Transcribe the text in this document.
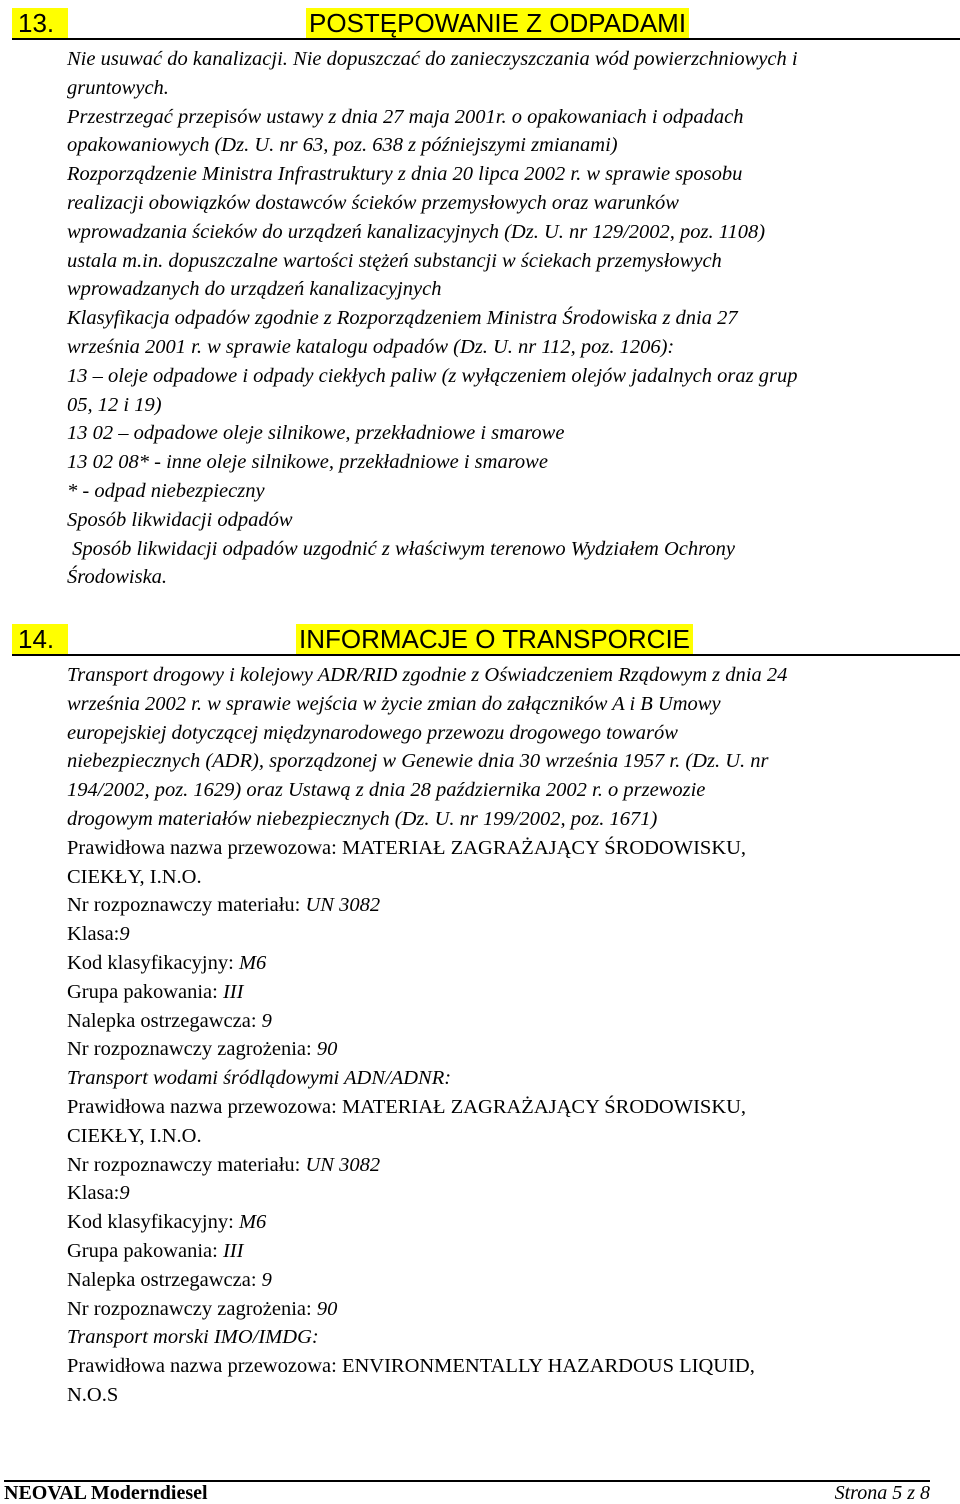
13.	POSTĘPOWANIE Z ODPADAMI

Nie usuwać do kanalizacji. Nie dopuszczać do zanieczyszczania wód powierzchniowych i

gruntowych.

Przestrzegać przepisów ustawy z dnia 27 maja 2001r. o opakowaniach i odpadach

opakowaniowych (Dz. U. nr 63, poz. 638 z późniejszymi zmianami)

Rozporządzenie Ministra Infrastruktury z dnia 20 lipca 2002 r. w sprawie sposobu

realizacji obowiązków dostawców ścieków przemysłowych oraz warunków

wprowadzania ścieków do urządzeń kanalizacyjnych (Dz. U. nr 129/2002, poz. 1108)

ustala m.in. dopuszczalne wartości stężeń substancji w ściekach przemysłowych

wprowadzanych do urządzeń kanalizacyjnych

Klasyfikacja odpadów zgodnie z Rozporządzeniem Ministra Środowiska z dnia 27

września 2001 r. w sprawie katalogu odpadów (Dz. U. nr 112, poz. 1206):

13 – oleje odpadowe i odpady ciekłych paliw (z wyłączeniem olejów jadalnych oraz grup

05, 12 i 19)

13 02 – odpadowe oleje silnikowe, przekładniowe i smarowe

13 02 08* - inne oleje silnikowe, przekładniowe i smarowe

* - odpad niebezpieczny

Sposób likwidacji odpadów

Sposób likwidacji odpadów uzgodnić z właściwym terenowo Wydziałem Ochrony

Środowiska.

14.	INFORMACJE O TRANSPORCIE

Transport drogowy i kolejowy ADR/RID zgodnie z Oświadczeniem Rządowym z dnia 24

września 2002 r. w sprawie wejścia w życie zmian do załączników A i B Umowy

europejskiej dotyczącej międzynarodowego przewozu drogowego towarów

niebezpiecznych (ADR), sporządzonej w Genewie dnia 30 września 1957 r. (Dz. U. nr

194/2002, poz. 1629) oraz Ustawą z dnia 28 października 2002 r. o przewozie

drogowym materiałów niebezpiecznych (Dz. U. nr 199/2002, poz. 1671)

Prawidłowa nazwa przewozowa: MATERIAŁ ZAGRAŻAJĄCY ŚRODOWISKU,

CIEKŁY, I.N.O.

Nr rozpoznawczy materiału: UN 3082

Klasa:9

Kod klasyfikacyjny: M6

Grupa pakowania: III

Nalepka ostrzegawcza: 9

Nr rozpoznawczy zagrożenia: 90

Transport wodami śródlądowymi ADN/ADNR:

Prawidłowa nazwa przewozowa: MATERIAŁ ZAGRAŻAJĄCY ŚRODOWISKU,

CIEKŁY, I.N.O.

Nr rozpoznawczy materiału: UN 3082

Klasa:9

Kod klasyfikacyjny: M6

Grupa pakowania: III

Nalepka ostrzegawcza: 9

Nr rozpoznawczy zagrożenia: 90

Transport morski IMO/IMDG:

Prawidłowa nazwa przewozowa: ENVIRONMENTALLY HAZARDOUS LIQUID,

N.O.S

NEOVAL Moderndiesel	Strona 5 z 8
